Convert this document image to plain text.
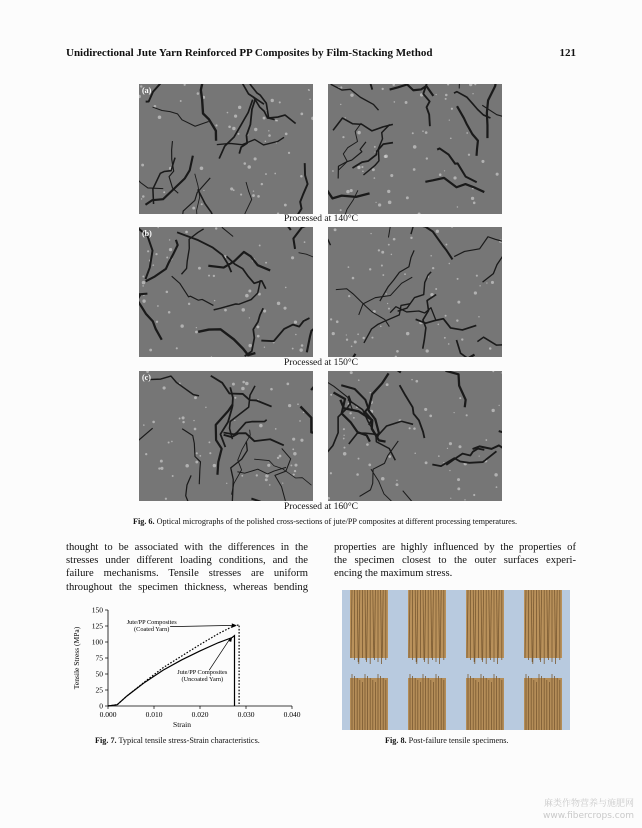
Unidirectional Jute Yarn Reinforced PP Composites by Film-Stacking Method	121
(a)
Processed at 140°C
(b)
Processed at 150°C
(c)
Processed at 160°C
Fig. 6. Optical micrographs of the polished cross-sections of jute/PP composites at different processing temperatures.
thought to be associated with the differences in the
stresses under different loading conditions, and the
failure mechanisms. Tensile stresses are uniform
throughout the specimen thickness, whereas bending
properties are highly influenced by the properties of
the specimen closest to the outer surfaces experi-
encing the maximum stress.
0
25
50
75
100
125
150
0.000	0.010	0.020	0.030	0.040
Strain
Tensile Stress (MPa)
Jute/PP Composites
(Coated Yarn)
Jute/PP Composites
(Uncoated Yarn)
Fig. 7. Typical tensile stress-Strain characteristics.	Fig. 8. Post-failure tensile specimens.
麻类作物营养与施肥网
www.fibercrops.com
